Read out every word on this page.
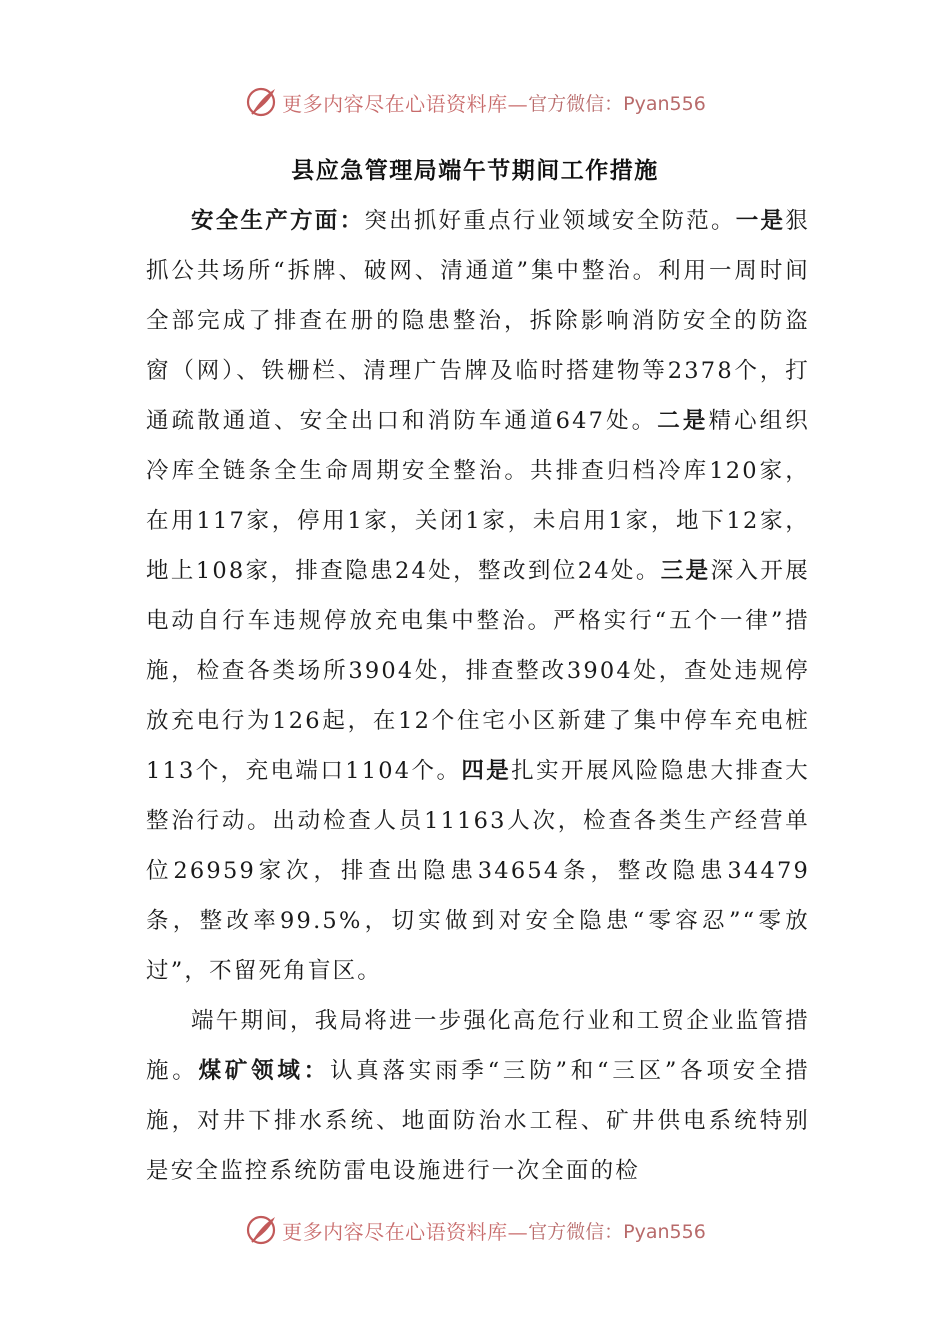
更多内容尽在心语资料库— 官方微信：Pyan556
县应急管理局端午节期间工作措施

安全生产方面：突出抓好重点行业领域安全防范。一是狠抓公共场所“拆牌、破网、清通道”集中整治。利用一周时间全部完成了排查在册的隐患整治，拆除影响消防安全的防盗窗（网）、铁栅栏、清理广告牌及临时搭建物等2378个，打通疏散通道、安全出口和消防车通道647处。二是精心组织冷库全链条全生命周期安全整治。共排查归档冷库120家，在用117家，停用1家，关闭1家，未启用1家，地下12家，地上108家，排查隐患24处，整改到位24处。三是深入开展电动自行车违规停放充电集中整治。严格实行“五个一律”措施，检查各类场所3904处，排查整改3904处，查处违规停放充电行为126起，在12个住宅小区新建了集中停车充电桩113个，充电端口1104个。四是扎实开展风险隐患大排查大整治行动。出动检查人员11163人次，检查各类生产经营单位26959家次，排查出隐患34654条，整改隐患34479条，整改率99.5%，切实做到对安全隐患“零容忍”“零放过”，不留死角盲区。

端午期间，我局将进一步强化高危行业和工贸企业监管措施。煤矿领域：认真落实雨季“三防”和“三区”各项安全措施，对井下排水系统、地面防治水工程、矿井供电系统特别是安全监控系统防雷电设施进行一次全面的检

更多内容尽在心语资料库— 官方微信：Pyan556
